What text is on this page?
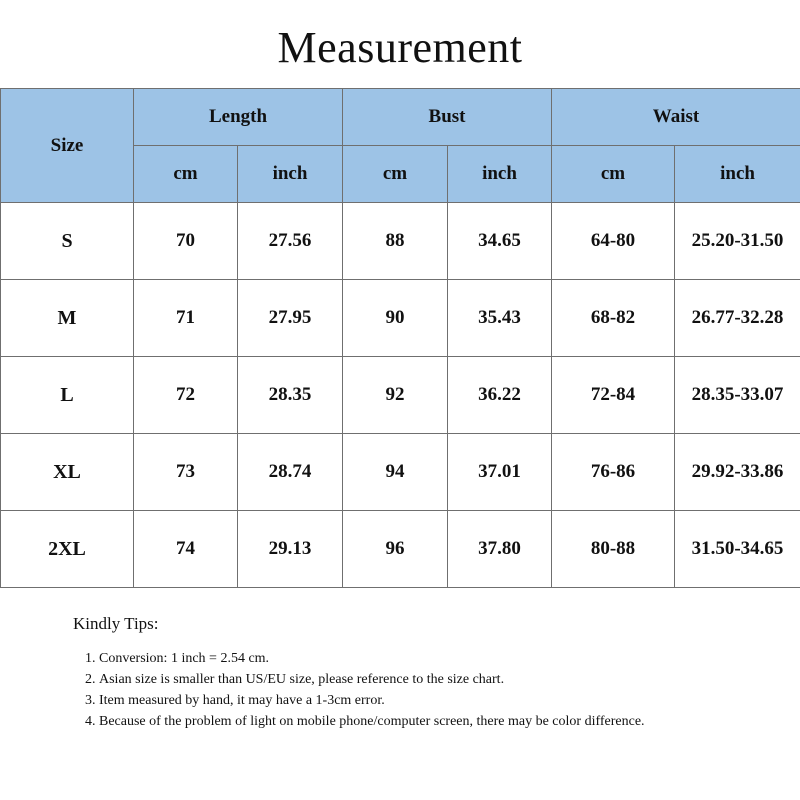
Measurement
Size	Length		Bust		Waist	
	cm	inch	cm	inch	cm	inch
S	70	27.56	88	34.65	64-80	25.20-31.50
M	71	27.95	90	35.43	68-82	26.77-32.28
L	72	28.35	92	36.22	72-84	28.35-33.07
XL	73	28.74	94	37.01	76-86	29.92-33.86
2XL	74	29.13	96	37.80	80-88	31.50-34.65
Kindly Tips:
1. Conversion: 1 inch = 2.54 cm.
2. Asian size is smaller than US/EU size, please reference to the size chart.
3. Item measured by hand, it may have a 1-3cm error.
4. Because of the problem of light on mobile phone/computer screen, there may be color difference.
